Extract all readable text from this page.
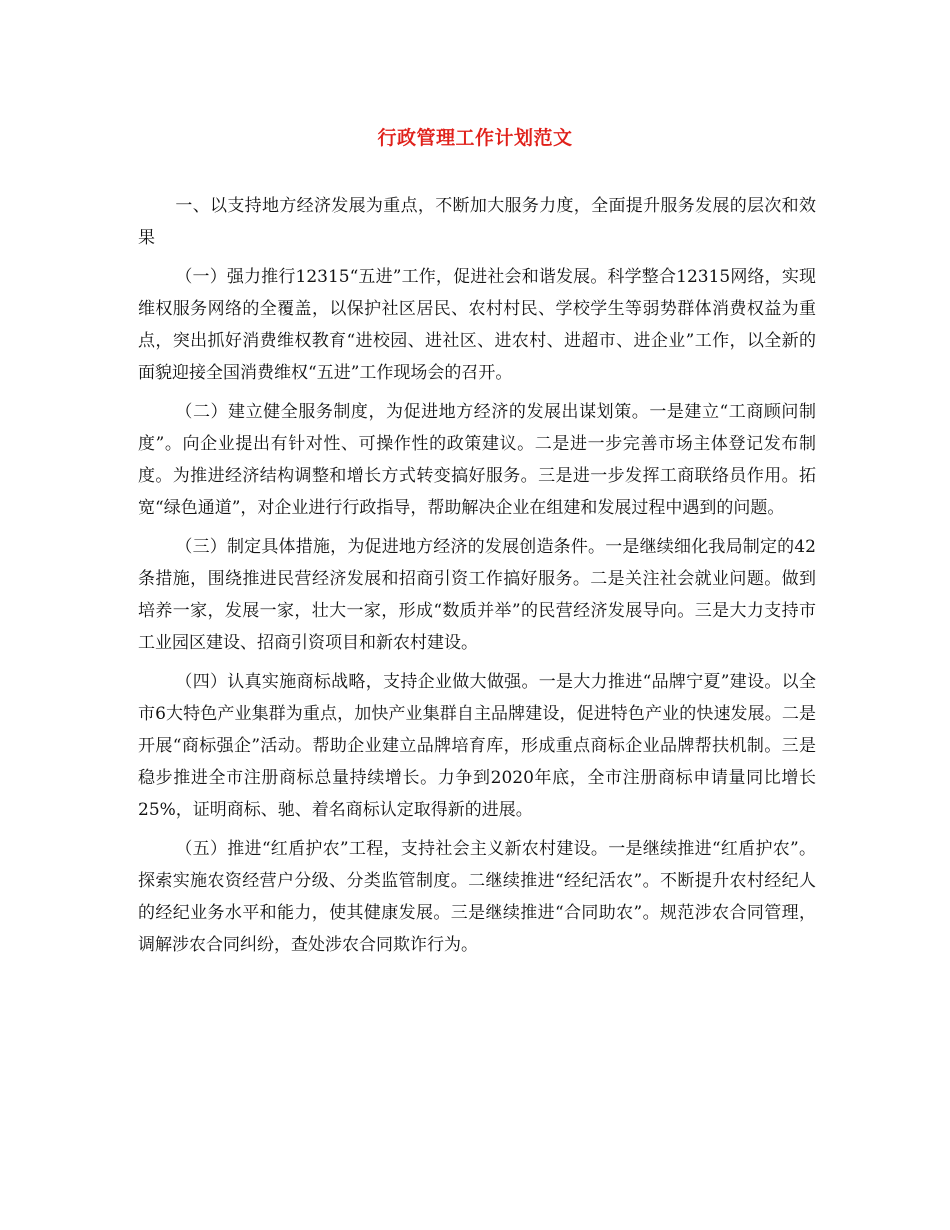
行政管理工作计划范文

一、以支持地方经济发展为重点，不断加大服务力度，全面提升服务发展的层次和效果

（一）强力推行12315“五进”工作，促进社会和谐发展。科学整合12315网络，实现维权服务网络的全覆盖，以保护社区居民、农村村民、学校学生等弱势群体消费权益为重点，突出抓好消费维权教育“进校园、进社区、进农村、进超市、进企业”工作，以全新的面貌迎接全国消费维权“五进”工作现场会的召开。

（二）建立健全服务制度，为促进地方经济的发展出谋划策。一是建立“工商顾问制度”。向企业提出有针对性、可操作性的政策建议。二是进一步完善市场主体登记发布制度。为推进经济结构调整和增长方式转变搞好服务。三是进一步发挥工商联络员作用。拓宽“绿色通道”，对企业进行行政指导，帮助解决企业在组建和发展过程中遇到的问题。

（三）制定具体措施，为促进地方经济的发展创造条件。一是继续细化我局制定的42条措施，围绕推进民营经济发展和招商引资工作搞好服务。二是关注社会就业问题。做到培养一家，发展一家，壮大一家，形成“数质并举”的民营经济发展导向。三是大力支持市工业园区建设、招商引资项目和新农村建设。

（四）认真实施商标战略，支持企业做大做强。一是大力推进“品牌宁夏”建设。以全市6大特色产业集群为重点，加快产业集群自主品牌建设，促进特色产业的快速发展。二是开展“商标强企”活动。帮助企业建立品牌培育库，形成重点商标企业品牌帮扶机制。三是稳步推进全市注册商标总量持续增长。力争到2020年底，全市注册商标申请量同比增长25%，证明商标、驰、着名商标认定取得新的进展。

（五）推进“红盾护农”工程，支持社会主义新农村建设。一是继续推进“红盾护农”。探索实施农资经营户分级、分类监管制度。二继续推进“经纪活农”。不断提升农村经纪人的经纪业务水平和能力，使其健康发展。三是继续推进“合同助农”。规范涉农合同管理，调解涉农合同纠纷，查处涉农合同欺诈行为。
